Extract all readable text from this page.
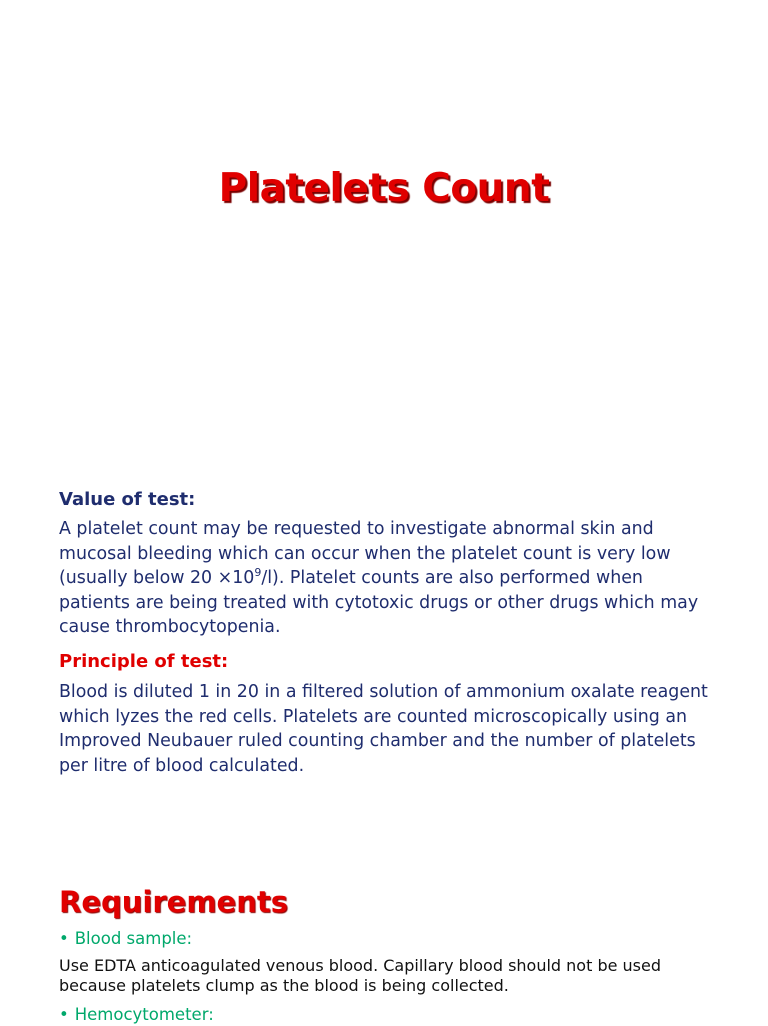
Platelets Count
Value of test:
A platelet count may be requested to investigate abnormal skin and mucosal bleeding which can occur when the platelet count is very low (usually below $20 \times 10^9/l$). Platelet counts are also performed when patients are being treated with cytotoxic drugs or other drugs which may cause thrombocytopenia.
Principle of test:
Blood is diluted 1 in 20 in a filtered solution of ammonium oxalate reagent which lyzes the red cells. Platelets are counted microscopically using an Improved Neubauer ruled counting chamber and the number of platelets per litre of blood calculated.
Requirements
• Blood sample:
Use EDTA anticoagulated venous blood. Capillary blood should not be used because platelets clump as the blood is being collected.
• Hemocytometer:
